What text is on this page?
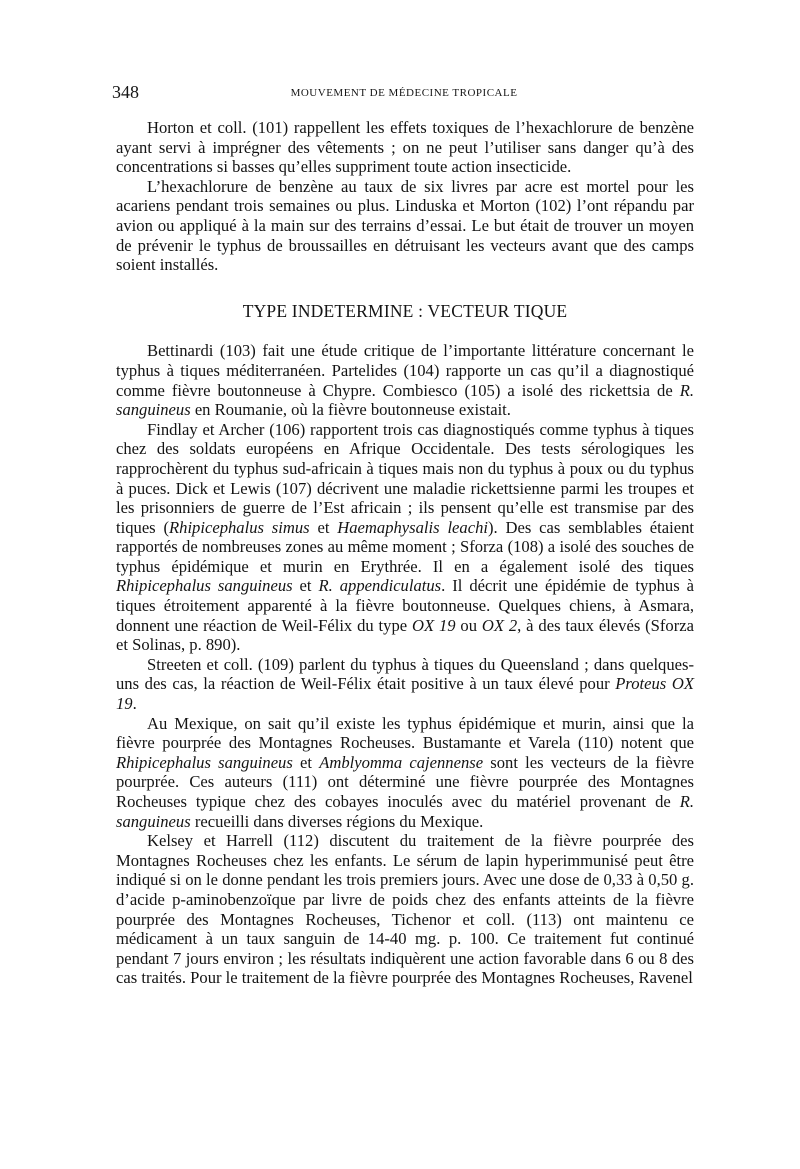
348	MOUVEMENT DE MÉDECINE TROPICALE

Horton et coll. (101) rappellent les effets toxiques de l’hexachlorure de benzène ayant servi à imprégner des vêtements ; on ne peut l’utiliser sans danger qu’à des concentrations si basses qu’elles suppriment toute action insecticide.

L’hexachlorure de benzène au taux de six livres par acre est mortel pour les acariens pendant trois semaines ou plus. Linduska et Morton (102) l’ont répandu par avion ou appliqué à la main sur des terrains d’essai. Le but était de trouver un moyen de prévenir le typhus de broussailles en détruisant les vecteurs avant que des camps soient installés.

TYPE INDETERMINE : VECTEUR TIQUE

Bettinardi (103) fait une étude critique de l’importante littérature concernant le typhus à tiques méditerranéen. Partelides (104) rapporte un cas qu’il a diagnostiqué comme fièvre boutonneuse à Chypre. Combiesco (105) a isolé des rickettsia de R. sanguineus en Roumanie, où la fièvre boutonneuse existait.

Findlay et Archer (106) rapportent trois cas diagnostiqués comme typhus à tiques chez des soldats européens en Afrique Occidentale. Des tests sérologiques les rapprochèrent du typhus sud-africain à tiques mais non du typhus à poux ou du typhus à puces. Dick et Lewis (107) décrivent une maladie rickettsienne parmi les troupes et les prisonniers de guerre de l’Est africain ; ils pensent qu’elle est transmise par des tiques (Rhipicephalus simus et Haemaphysalis leachi). Des cas semblables étaient rapportés de nombreuses zones au même moment ; Sforza (108) a isolé des souches de typhus épidémique et murin en Erythrée. Il en a également isolé des tiques Rhipicephalus sanguineus et R. appendiculatus. Il décrit une épidémie de typhus à tiques étroitement apparenté à la fièvre boutonneuse. Quelques chiens, à Asmara, donnent une réaction de Weil-Félix du type OX 19 ou OX 2, à des taux élevés (Sforza et Solinas, p. 890).

Streeten et coll. (109) parlent du typhus à tiques du Queensland ; dans quelques-uns des cas, la réaction de Weil-Félix était positive à un taux élevé pour Proteus OX 19.

Au Mexique, on sait qu’il existe les typhus épidémique et murin, ainsi que la fièvre pourprée des Montagnes Rocheuses. Bustamante et Varela (110) notent que Rhipicephalus sanguineus et Amblyomma cajennense sont les vecteurs de la fièvre pourprée. Ces auteurs (111) ont déterminé une fièvre pourprée des Montagnes Rocheuses typique chez des cobayes inoculés avec du matériel provenant de R. sanguineus recueilli dans diverses régions du Mexique.

Kelsey et Harrell (112) discutent du traitement de la fièvre pourprée des Montagnes Rocheuses chez les enfants. Le sérum de lapin hyperimmunisé peut être indiqué si on le donne pendant les trois premiers jours. Avec une dose de 0,33 à 0,50 g. d’acide p-aminobenzoïque par livre de poids chez des enfants atteints de la fièvre pourprée des Montagnes Rocheuses, Tichenor et coll. (113) ont maintenu ce médicament à un taux sanguin de 14-40 mg. p. 100. Ce traitement fut continué pendant 7 jours environ ; les résultats indiquèrent une action favorable dans 6 ou 8 des cas traités. Pour le traitement de la fièvre pourprée des Montagnes Rocheuses, Ravenel
